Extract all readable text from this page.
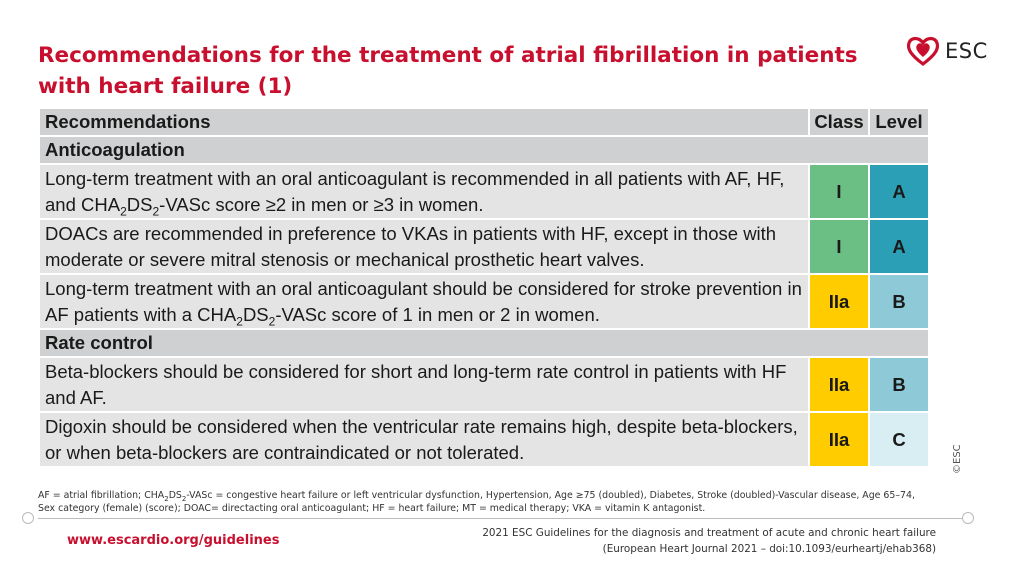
Recommendations for the treatment of atrial fibrillation in patients with heart failure (1)
ESC
©ESC
Recommendations	Class	Level
Anticoagulation		
Long-term treatment with an oral anticoagulant is recommended in all patients with AF, HF, and $CHA_2DS_2$-VASc score ≥2 in men or ≥3 in women.	I	A
DOACs are recommended in preference to VKAs in patients with HF, except in those with moderate or severe mitral stenosis or mechanical prosthetic heart valves.	I	A
Long-term treatment with an oral anticoagulant should be considered for stroke prevention in AF patients with a $CHA_2DS_2$-VASc score of 1 in men or 2 in women.	IIa	B
Rate control		
Beta-blockers should be considered for short and long-term rate control in patients with HF and AF.	IIa	B
Digoxin should be considered when the ventricular rate remains high, despite beta-blockers, or when beta-blockers are contraindicated or not tolerated.	IIa	C
AF = atrial fibrillation; $CHA_2DS_2$-VASc = congestive heart failure or left ventricular dysfunction, Hypertension, Age ≥75 (doubled), Diabetes, Stroke (doubled)-Vascular disease, Age 65–74, Sex category (female) (score); DOAC= directacting oral anticoagulant; HF = heart failure; MT = medical therapy; VKA = vitamin K antagonist.
www.escardio.org/guidelines	2021 ESC Guidelines for the diagnosis and treatment of acute and chronic heart failure
(European Heart Journal 2021 – doi:10.1093/eurheartj/ehab368)
